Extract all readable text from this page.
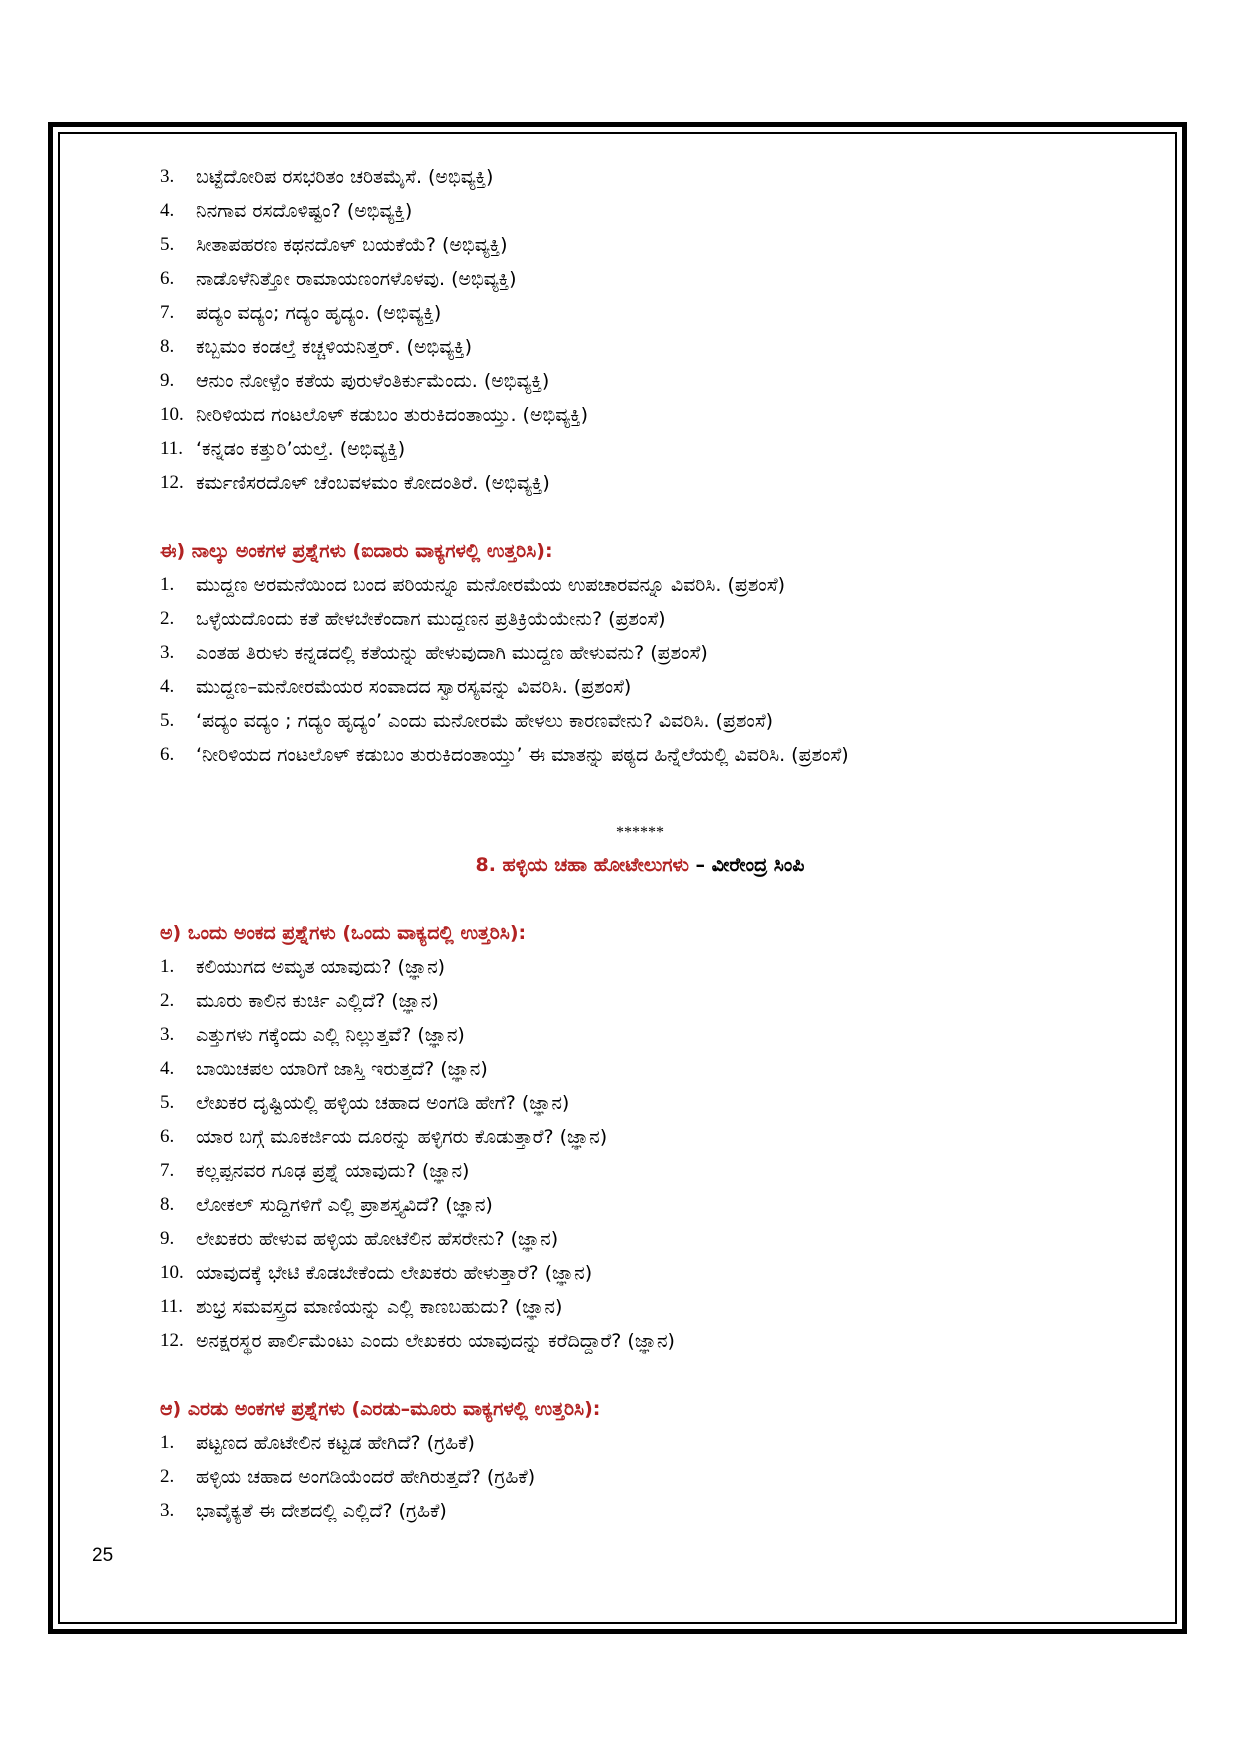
3.	ಬಟ್ಟೆದೋರಿಪ ರಸಭರಿತಂ ಚರಿತಮೈಸೆ. (ಅಭಿವ್ಯಕ್ತಿ)
4.	ನಿನಗಾವ ರಸದೊಳಿಷ್ಟಂ? (ಅಭಿವ್ಯಕ್ತಿ)
5.	ಸೀತಾಪಹರಣ ಕಥನದೊಳ್ ಬಯಕೆಯೆ? (ಅಭಿವ್ಯಕ್ತಿ)
6.	ನಾಡೊಳೆನಿತ್ತೋ ರಾಮಾಯಣಂಗಳೊಳವು. (ಅಭಿವ್ಯಕ್ತಿ)
7.	ಪದ್ಯಂ ವದ್ಯಂ; ಗದ್ಯಂ ಹೃದ್ಯಂ. (ಅಭಿವ್ಯಕ್ತಿ)
8.	ಕಬ್ಬಮಂ ಕಂಡಲ್ತೆ ಕಚ್ಚಳಿಯನಿತ್ತರ್. (ಅಭಿವ್ಯಕ್ತಿ)
9.	ಆನುಂ ನೋಳ್ಪೆಂ ಕತೆಯ ಪುರುಳೆಂತಿರ್ಕುಮೆಂದು. (ಅಭಿವ್ಯಕ್ತಿ)
10. ನೀರಿಳಿಯದ ಗಂಟಲೊಳ್ ಕಡುಬಂ ತುರುಕಿದಂತಾಯ್ತು. (ಅಭಿವ್ಯಕ್ತಿ)
11. ‘ಕನ್ನಡಂ ಕತ್ತುರಿ’ಯಲ್ತೆ. (ಅಭಿವ್ಯಕ್ತಿ)
12. ಕರ್ಮಣಿಸರದೊಳ್ ಚೆಂಬವಳಮಂ ಕೋದಂತಿರೆ. (ಅಭಿವ್ಯಕ್ತಿ)
ಈ) ನಾಲ್ಕು ಅಂಕಗಳ ಪ್ರಶ್ನೆಗಳು (ಐದಾರು ವಾಕ್ಯಗಳಲ್ಲಿ ಉತ್ತರಿಸಿ):
1.	ಮುದ್ದಣ ಅರಮನೆಯಿಂದ ಬಂದ ಪರಿಯನ್ನೂ ಮನೋರಮೆಯ ಉಪಚಾರವನ್ನೂ ವಿವರಿಸಿ. (ಪ್ರಶಂಸೆ)
2.	ಒಳ್ಳೆಯದೊಂದು ಕತೆ ಹೇಳಬೇಕೆಂದಾಗ ಮುದ್ದಣನ ಪ್ರತಿಕ್ರಿಯೆಯೇನು? (ಪ್ರಶಂಸೆ)
3.	ಎಂತಹ ತಿರುಳು ಕನ್ನಡದಲ್ಲಿ ಕತೆಯನ್ನು ಹೇಳುವುದಾಗಿ ಮುದ್ದಣ ಹೇಳುವನು? (ಪ್ರಶಂಸೆ)
4.	ಮುದ್ದಣ–ಮನೋರಮೆಯರ ಸಂವಾದದ ಸ್ವಾರಸ್ಯವನ್ನು ವಿವರಿಸಿ. (ಪ್ರಶಂಸೆ)
5.	‘ಪದ್ಯಂ ವದ್ಯಂ ; ಗದ್ಯಂ ಹೃದ್ಯಂ’ ಎಂದು ಮನೋರಮೆ ಹೇಳಲು ಕಾರಣವೇನು? ವಿವರಿಸಿ. (ಪ್ರಶಂಸೆ)
6.	‘ನೀರಿಳಿಯದ ಗಂಟಲೊಳ್ ಕಡುಬಂ ತುರುಕಿದಂತಾಯ್ತು’ ಈ ಮಾತನ್ನು ಪಠ್ಯದ ಹಿನ್ನೆಲೆಯಲ್ಲಿ ವಿವರಿಸಿ. (ಪ್ರಶಂಸೆ)
******
8. ಹಳ್ಳಿಯ ಚಹಾ ಹೋಟೇಲುಗಳು – ವೀರೇಂದ್ರ ಸಿಂಪಿ
ಅ) ಒಂದು ಅಂಕದ ಪ್ರಶ್ನೆಗಳು (ಒಂದು ವಾಕ್ಯದಲ್ಲಿ ಉತ್ತರಿಸಿ):
1.	ಕಲಿಯುಗದ ಅಮೃತ ಯಾವುದು? (ಜ್ಞಾನ)
2.	ಮೂರು ಕಾಲಿನ ಕುರ್ಚಿ ಎಲ್ಲಿದೆ? (ಜ್ಞಾನ)
3.	ಎತ್ತುಗಳು ಗಕ್ಕೆಂದು ಎಲ್ಲಿ ನಿಲ್ಲುತ್ತವೆ? (ಜ್ಞಾನ)
4.	ಬಾಯಿಚಪಲ ಯಾರಿಗೆ ಜಾಸ್ತಿ ಇರುತ್ತದೆ? (ಜ್ಞಾನ)
5.	ಲೇಖಕರ ದೃಷ್ಟಿಯಲ್ಲಿ ಹಳ್ಳಿಯ ಚಹಾದ ಅಂಗಡಿ ಹೇಗೆ? (ಜ್ಞಾನ)
6.	ಯಾರ ಬಗ್ಗೆ ಮೂಕರ್ಜಿಯ ದೂರನ್ನು ಹಳ್ಳಿಗರು ಕೊಡುತ್ತಾರೆ? (ಜ್ಞಾನ)
7.	ಕಲ್ಲಪ್ಪನವರ ಗೂಢ ಪ್ರಶ್ನೆ ಯಾವುದು? (ಜ್ಞಾನ)
8.	ಲೋಕಲ್ ಸುದ್ದಿಗಳಿಗೆ ಎಲ್ಲಿ ಪ್ರಾಶಸ್ತ್ಯವಿದೆ? (ಜ್ಞಾನ)
9.	ಲೇಖಕರು ಹೇಳುವ ಹಳ್ಳಿಯ ಹೋಟೆಲಿನ ಹೆಸರೇನು? (ಜ್ಞಾನ)
10. ಯಾವುದಕ್ಕೆ ಭೇಟಿ ಕೊಡಬೇಕೆಂದು ಲೇಖಕರು ಹೇಳುತ್ತಾರೆ? (ಜ್ಞಾನ)
11. ಶುಭ್ರ ಸಮವಸ್ತ್ರದ ಮಾಣಿಯನ್ನು ಎಲ್ಲಿ ಕಾಣಬಹುದು? (ಜ್ಞಾನ)
12. ಅನಕ್ಷರಸ್ಥರ ಪಾರ್ಲಿಮೆಂಟು ಎಂದು ಲೇಖಕರು ಯಾವುದನ್ನು ಕರೆದಿದ್ದಾರೆ? (ಜ್ಞಾನ)
ಆ) ಎರಡು ಅಂಕಗಳ ಪ್ರಶ್ನೆಗಳು (ಎರಡು–ಮೂರು ವಾಕ್ಯಗಳಲ್ಲಿ ಉತ್ತರಿಸಿ):
1.	ಪಟ್ಟಣದ ಹೊಟೇಲಿನ ಕಟ್ಟಡ ಹೇಗಿದೆ? (ಗ್ರಹಿಕೆ)
2.	ಹಳ್ಳಿಯ ಚಹಾದ ಅಂಗಡಿಯೆಂದರೆ ಹೇಗಿರುತ್ತದೆ? (ಗ್ರಹಿಕೆ)
3.	ಭಾವೈಕ್ಯತೆ ಈ ದೇಶದಲ್ಲಿ ಎಲ್ಲಿದೆ? (ಗ್ರಹಿಕೆ)
25
